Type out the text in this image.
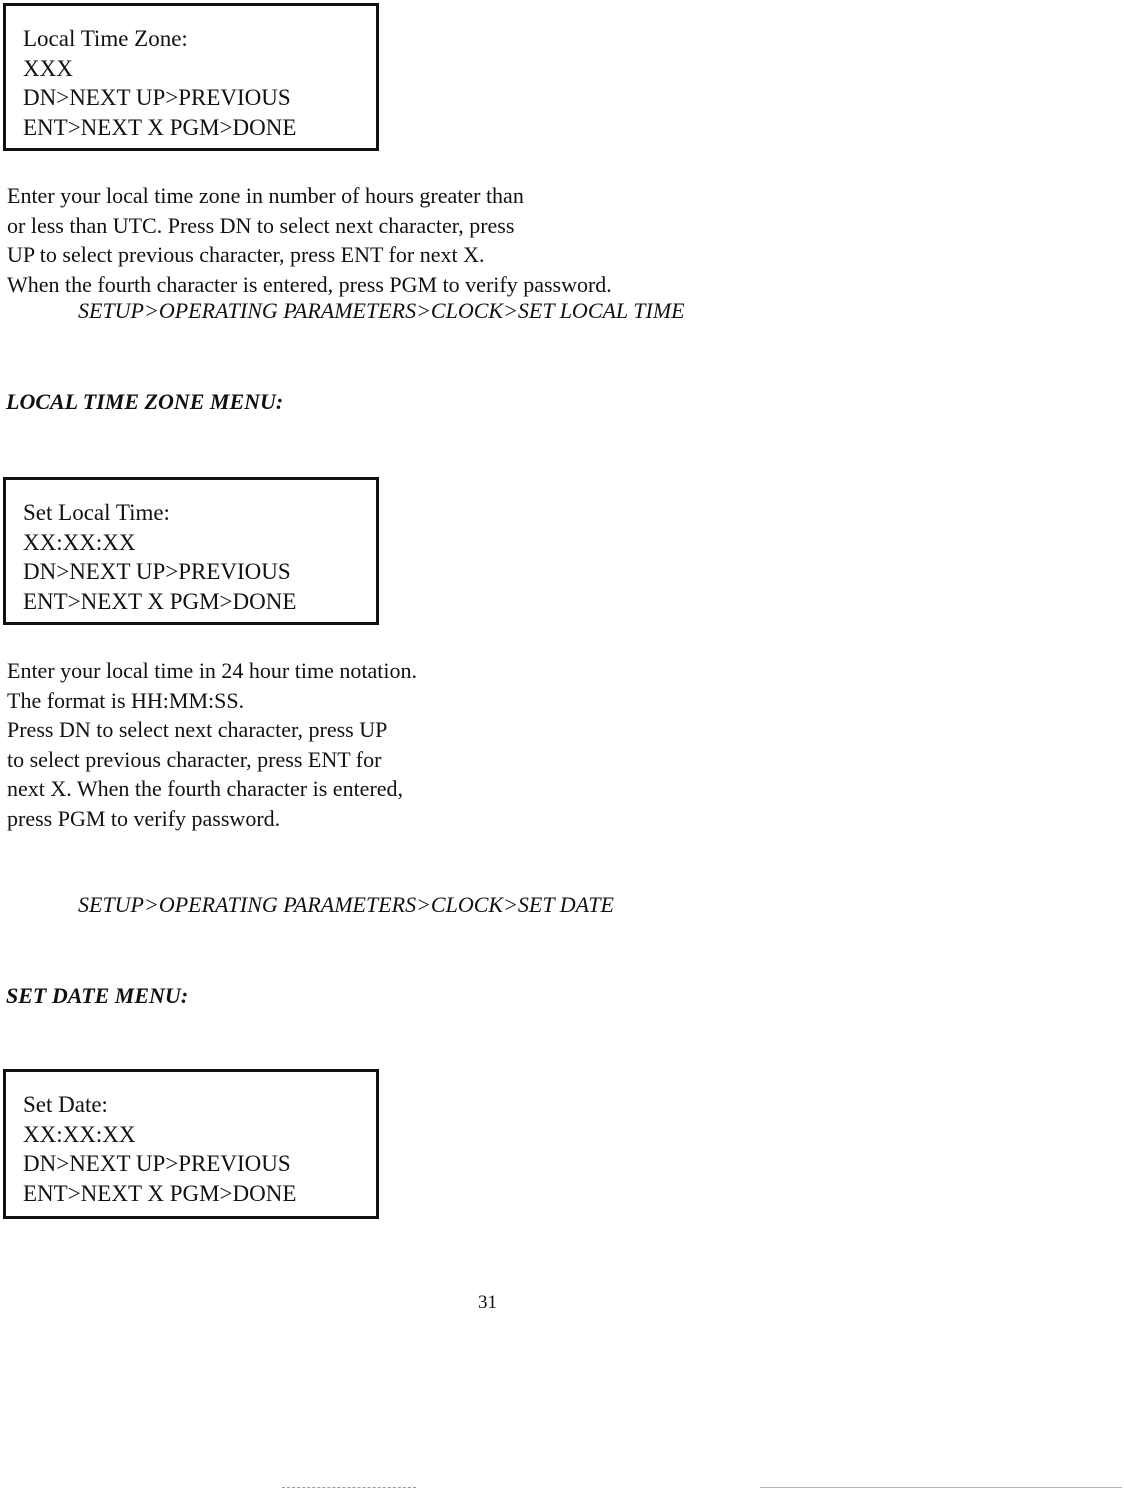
Local Time Zone:
XXX
DN>NEXT UP>PREVIOUS
ENT>NEXT X PGM>DONE
Enter your local time zone in number of hours greater than
or less than UTC. Press DN to select next character, press
UP to select previous character, press ENT for next X.
When the fourth character is entered, press PGM to verify password.
SETUP>OPERATING PARAMETERS>CLOCK>SET LOCAL TIME
LOCAL TIME ZONE MENU:
Set Local Time:
XX:XX:XX
DN>NEXT UP>PREVIOUS
ENT>NEXT X PGM>DONE
Enter your local time in 24 hour time notation.
The format is HH:MM:SS.
Press DN to select next character, press UP
to select previous character, press ENT for
next X. When the fourth character is entered,
press PGM to verify password.
SETUP>OPERATING PARAMETERS>CLOCK>SET DATE
SET DATE MENU:
Set Date:
XX:XX:XX
DN>NEXT UP>PREVIOUS
ENT>NEXT X PGM>DONE
31
